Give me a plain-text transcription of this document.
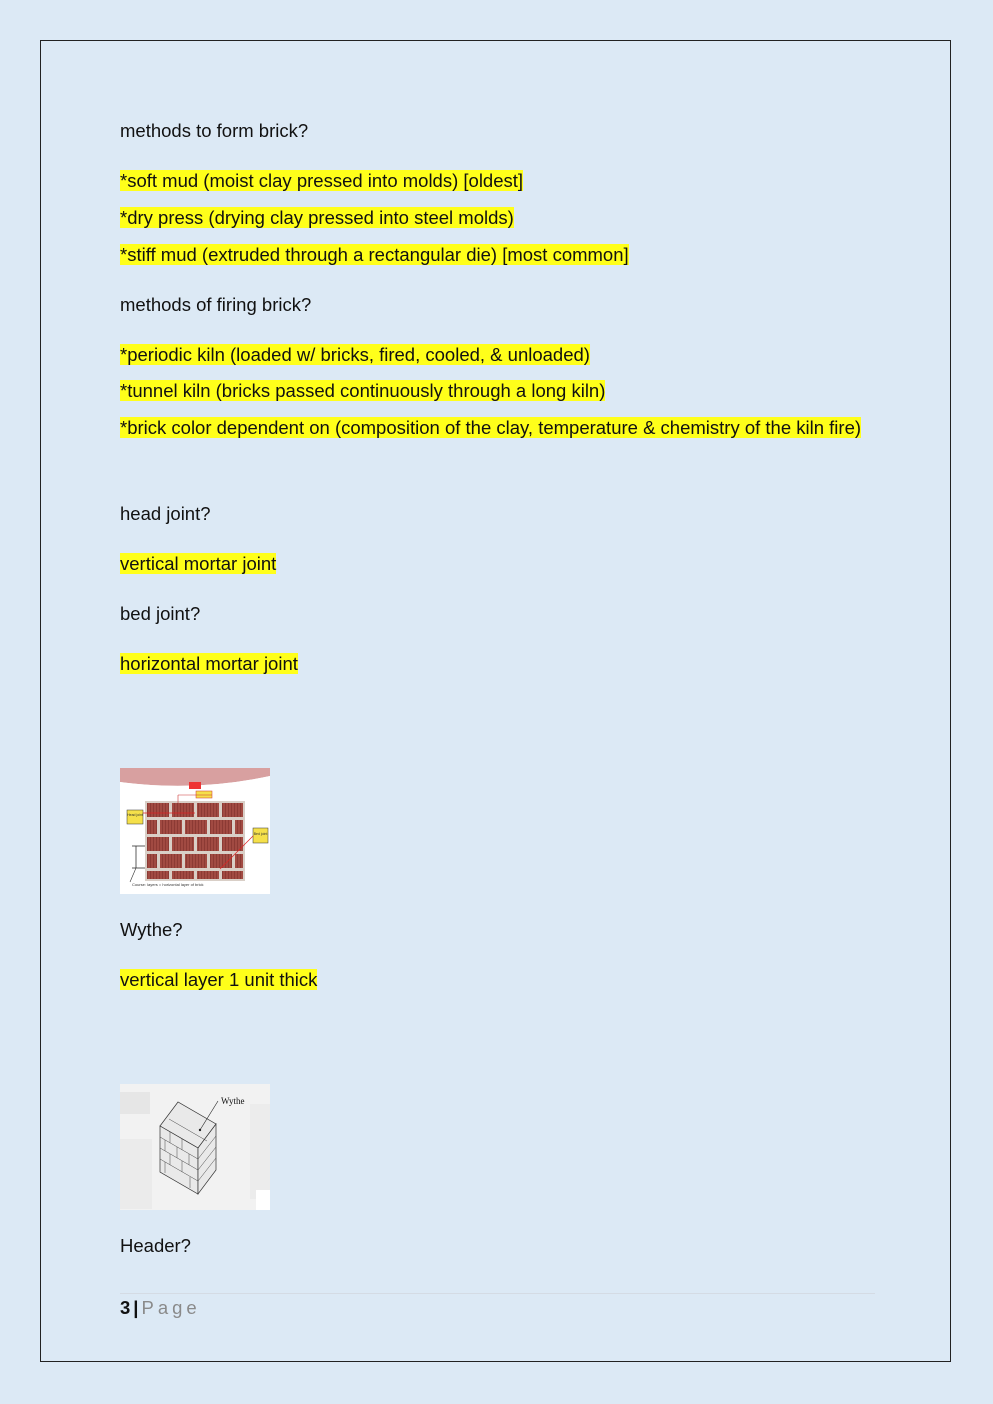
methods to form brick?
*soft mud (moist clay pressed into molds) [oldest]
*dry press (drying clay pressed into steel molds)
*stiff mud (extruded through a rectangular die) [most common]
methods of firing brick?
*periodic kiln (loaded w/ bricks, fired, cooled, & unloaded)
*tunnel kiln (bricks passed continuously through a long kiln)
*brick color dependent on (composition of the clay, temperature & chemistry of the kiln fire)
head joint?
vertical mortar joint
bed joint?
horizontal mortar joint
Head joint
Bed joint
Course: layers = horizontal layer of brick
Wythe?
vertical layer 1 unit thick
Wythe
Header?
3 | Page
